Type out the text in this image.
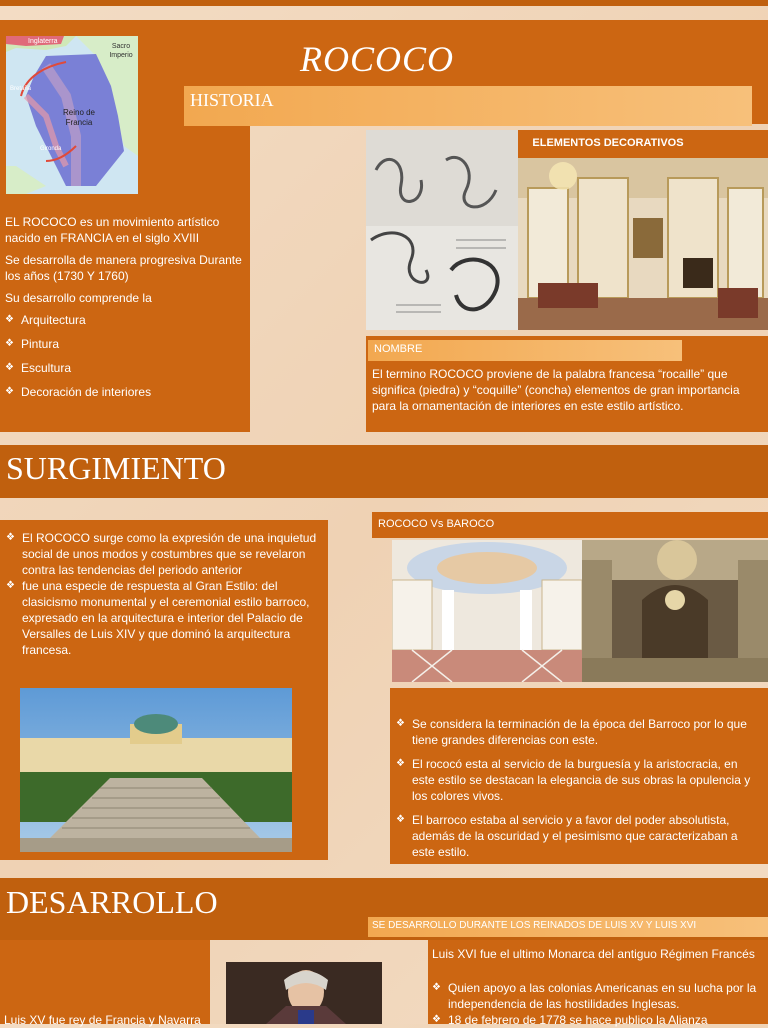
ROCOCO
HISTORIA
Inglaterra
Sacro Imperio
Reino de Francia
Gironda
Bretaña

EL ROCOCO es un movimiento artístico nacido en FRANCIA en el siglo XVIII

Se desarrolla de manera progresiva Durante los años (1730 Y 1760)

Su desarrollo comprende la

❖ Arquitectura
❖ Pintura
❖ Escultura
❖ Decoración de interiores
ELEMENTOS DECORATIVOS
NOMBRE
El termino ROCOCO proviene de la palabra francesa “rocaille” que significa (piedra) y “coquille” (concha) elementos de gran importancia para la ornamentación de interiores en este estilo artístico.
SURGIMIENTO
❖ El ROCOCO surge como la expresión de una inquietud social de unos modos y costumbres que se revelaron contra las tendencias del periodo anterior
❖ fue una especie de respuesta al Gran Estilo: del clasicismo monumental y el ceremonial estilo barroco, expresado en la arquitectura e interior del Palacio de Versalles de Luis XIV y que dominó la arquitectura francesa.
ROCOCO Vs BAROCO
❖ Se considera la terminación de la época del Barroco por lo que tiene grandes diferencias con este.
❖ El rococó esta al servicio de la burguesía y la aristocracia, en este estilo se destacan la elegancia de sus obras la opulencia y los colores vivos.
❖ El barroco estaba al servicio y a favor del poder absolutista, además de la oscuridad y el pesimismo que caracterizaban a este estilo.
DESARROLLO
SE DESARROLLO DURANTE LOS REINADOS DE LUIS XV Y LUIS XVI
Luis XV fue rey de Francia y Navarra
Luis XVI fue el ultimo Monarca del antiguo Régimen Francés
❖ Quien apoyo a las colonias Americanas en su lucha por la independencia de las hostilidades Inglesas.
❖ 18 de febrero de 1778 se hace publico la Alianza
